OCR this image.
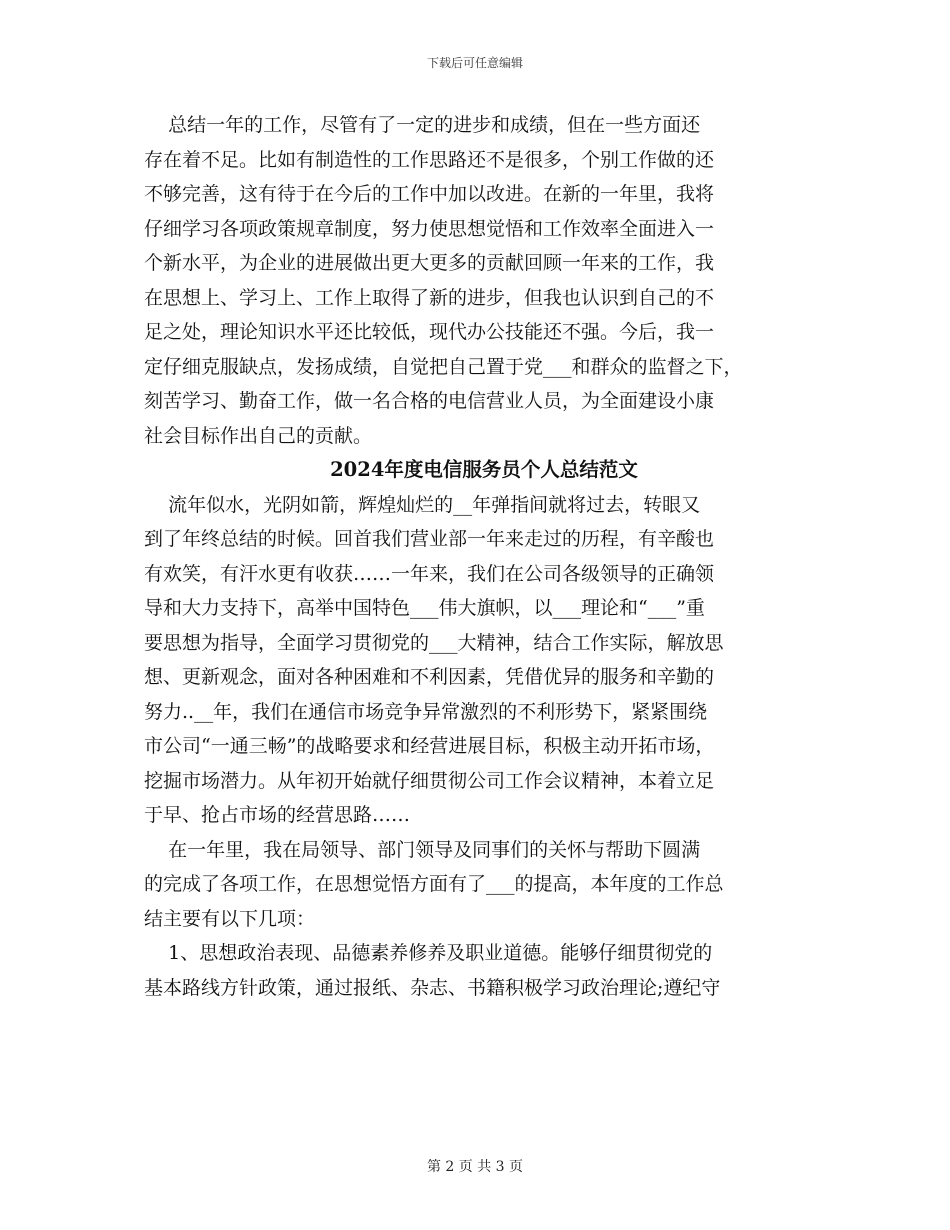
下载后可任意编辑
总结一年的工作，尽管有了一定的进步和成绩，但在一些方面还
存在着不足。比如有制造性的工作思路还不是很多，个别工作做的还
不够完善，这有待于在今后的工作中加以改进。在新的一年里，我将
仔细学习各项政策规章制度，努力使思想觉悟和工作效率全面进入一
个新水平，为企业的进展做出更大更多的贡献回顾一年来的工作，我
在思想上、学习上、工作上取得了新的进步，但我也认识到自己的不
足之处，理论知识水平还比较低，现代办公技能还不强。今后，我一
定仔细克服缺点，发扬成绩，自觉把自己置于党___和群众的监督之下，
刻苦学习、勤奋工作，做一名合格的电信营业人员，为全面建设小康
社会目标作出自己的贡献。
2024年度电信服务员个人总结范文
流年似水，光阴如箭，辉煌灿烂的__年弹指间就将过去，转眼又
到了年终总结的时候。回首我们营业部一年来走过的历程，有辛酸也
有欢笑，有汗水更有收获……一年来，我们在公司各级领导的正确领
导和大力支持下，高举中国特色___伟大旗帜，以___理论和“___”重
要思想为指导，全面学习贯彻党的___大精神，结合工作实际，解放思
想、更新观念，面对各种困难和不利因素，凭借优异的服务和辛勤的
努力..__年，我们在通信市场竞争异常激烈的不利形势下，紧紧围绕
市公司“一通三畅”的战略要求和经营进展目标，积极主动开拓市场，
挖掘市场潜力。从年初开始就仔细贯彻公司工作会议精神，本着立足
于早、抢占市场的经营思路……
在一年里，我在局领导、部门领导及同事们的关怀与帮助下圆满
的完成了各项工作，在思想觉悟方面有了___的提高，本年度的工作总
结主要有以下几项：
1、思想政治表现、品德素养修养及职业道德。能够仔细贯彻党的
基本路线方针政策，通过报纸、杂志、书籍积极学习政治理论;遵纪守
第 2 页 共 3 页
